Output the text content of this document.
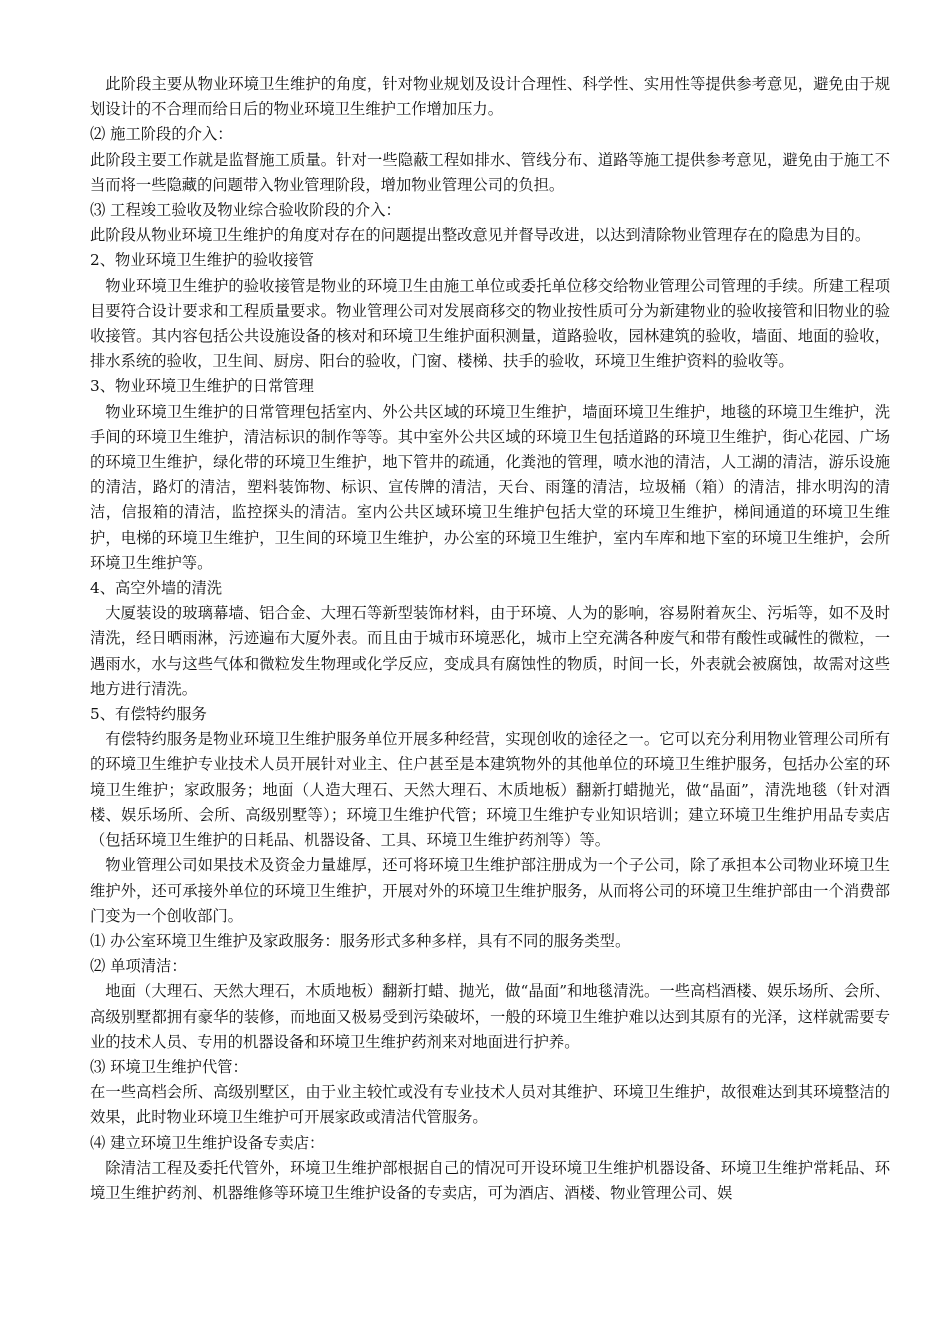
此阶段主要从物业环境卫生维护的角度，针对物业规划及设计合理性、科学性、实用性等提供参考意见，避免由于规划设计的不合理而给日后的物业环境卫生维护工作增加压力。

⑵ 施工阶段的介入：

此阶段主要工作就是监督施工质量。针对一些隐蔽工程如排水、管线分布、道路等施工提供参考意见，避免由于施工不当而将一些隐藏的问题带入物业管理阶段，增加物业管理公司的负担。

⑶ 工程竣工验收及物业综合验收阶段的介入：

此阶段从物业环境卫生维护的角度对存在的问题提出整改意见并督导改进，以达到清除物业管理存在的隐患为目的。

2、物业环境卫生维护的验收接管

物业环境卫生维护的验收接管是物业的环境卫生由施工单位或委托单位移交给物业管理公司管理的手续。所建工程项目要符合设计要求和工程质量要求。物业管理公司对发展商移交的物业按性质可分为新建物业的验收接管和旧物业的验收接管。其内容包括公共设施设备的核对和环境卫生维护面积测量，道路验收，园林建筑的验收，墙面、地面的验收，排水系统的验收，卫生间、厨房、阳台的验收，门窗、楼梯、扶手的验收，环境卫生维护资料的验收等。

3、物业环境卫生维护的日常管理

物业环境卫生维护的日常管理包括室内、外公共区域的环境卫生维护，墙面环境卫生维护，地毯的环境卫生维护，洗手间的环境卫生维护，清洁标识的制作等等。其中室外公共区域的环境卫生包括道路的环境卫生维护，街心花园、广场的环境卫生维护，绿化带的环境卫生维护，地下管井的疏通，化粪池的管理，喷水池的清洁，人工湖的清洁，游乐设施的清洁，路灯的清洁，塑料装饰物、标识、宣传牌的清洁，天台、雨篷的清洁，垃圾桶（箱）的清洁，排水明沟的清洁，信报箱的清洁，监控探头的清洁。室内公共区域环境卫生维护包括大堂的环境卫生维护，梯间通道的环境卫生维护，电梯的环境卫生维护，卫生间的环境卫生维护，办公室的环境卫生维护，室内车库和地下室的环境卫生维护，会所环境卫生维护等。

4、高空外墙的清洗

大厦装设的玻璃幕墙、铝合金、大理石等新型装饰材料，由于环境、人为的影响，容易附着灰尘、污垢等，如不及时清洗，经日晒雨淋，污迹遍布大厦外表。而且由于城市环境恶化，城市上空充满各种废气和带有酸性或碱性的微粒，一遇雨水，水与这些气体和微粒发生物理或化学反应，变成具有腐蚀性的物质，时间一长，外表就会被腐蚀，故需对这些地方进行清洗。

5、有偿特约服务

有偿特约服务是物业环境卫生维护服务单位开展多种经营，实现创收的途径之一。它可以充分利用物业管理公司所有的环境卫生维护专业技术人员开展针对业主、住户甚至是本建筑物外的其他单位的环境卫生维护服务，包括办公室的环境卫生维护；家政服务；地面（人造大理石、天然大理石、木质地板）翻新打蜡抛光，做“晶面”，清洗地毯（针对酒楼、娱乐场所、会所、高级别墅等）；环境卫生维护代管；环境卫生维护专业知识培训；建立环境卫生维护用品专卖店（包括环境卫生维护的日耗品、机器设备、工具、环境卫生维护药剂等）等。

物业管理公司如果技术及资金力量雄厚，还可将环境卫生维护部注册成为一个子公司，除了承担本公司物业环境卫生维护外，还可承接外单位的环境卫生维护，开展对外的环境卫生维护服务，从而将公司的环境卫生维护部由一个消费部门变为一个创收部门。

⑴ 办公室环境卫生维护及家政服务：服务形式多种多样，具有不同的服务类型。

⑵ 单项清洁：

地面（大理石、天然大理石，木质地板）翻新打蜡、抛光，做“晶面”和地毯清洗。一些高档酒楼、娱乐场所、会所、高级别墅都拥有豪华的装修，而地面又极易受到污染破坏，一般的环境卫生维护难以达到其原有的光泽，这样就需要专业的技术人员、专用的机器设备和环境卫生维护药剂来对地面进行护养。

⑶ 环境卫生维护代管：

在一些高档会所、高级别墅区，由于业主较忙或没有专业技术人员对其维护、环境卫生维护，故很难达到其环境整洁的效果，此时物业环境卫生维护可开展家政或清洁代管服务。

⑷ 建立环境卫生维护设备专卖店：

除清洁工程及委托代管外，环境卫生维护部根据自己的情况可开设环境卫生维护机器设备、环境卫生维护常耗品、环境卫生维护药剂、机器维修等环境卫生维护设备的专卖店，可为酒店、酒楼、物业管理公司、娱
